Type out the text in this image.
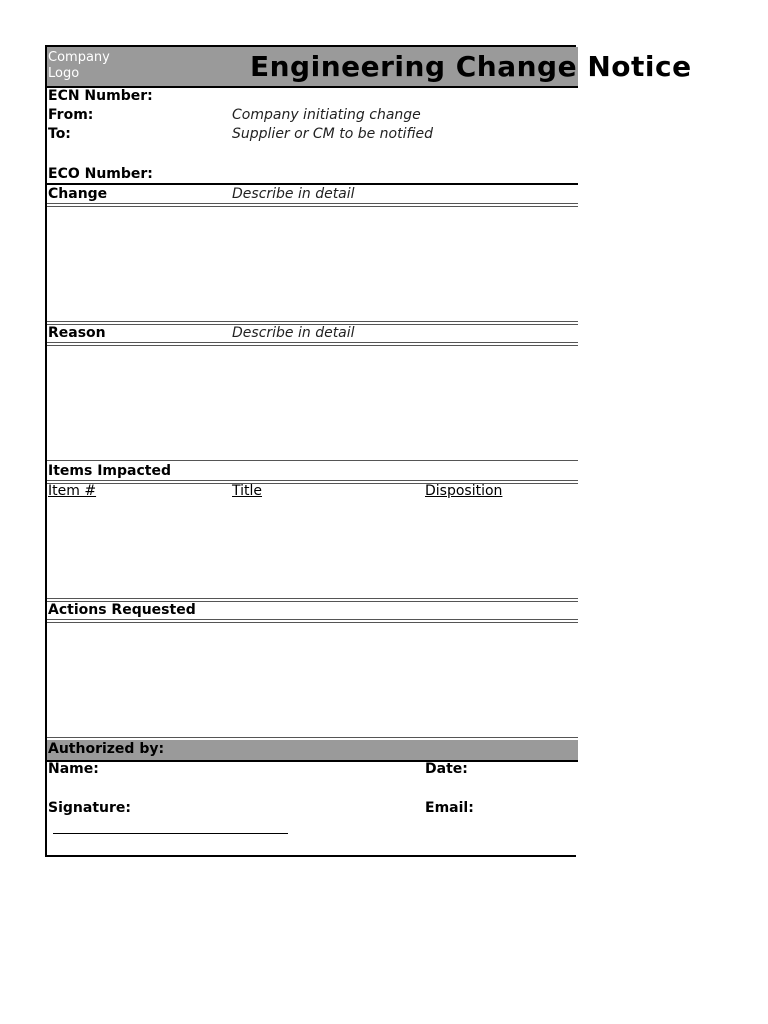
Company
Logo	Engineering Change Notice
ECN Number:
From:	Company initiating change
To:	Supplier or CM to be notified
ECO Number:
Change	Describe in detail
Reason	Describe in detail
Items Impacted
Item #	Title	Disposition
Actions Requested
Authorized by:
Name:	Date:
Signature:	Email:
